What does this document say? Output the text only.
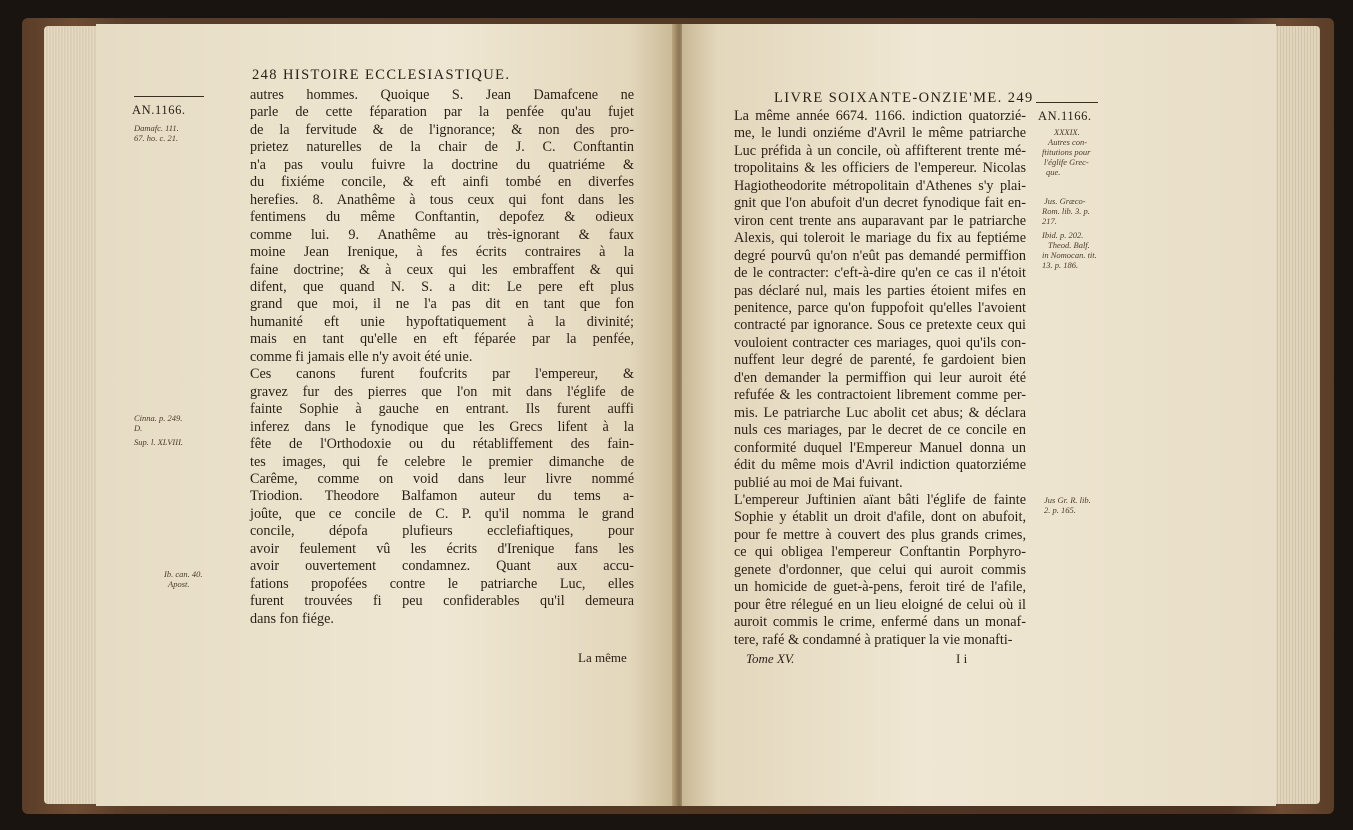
248 HISTOIRE ECCLESIASTIQUE.
AN.1166.
Damafc. 111.
67. ho. c. 21.
Cinna. p. 249.
D.
Sup. l. XLVIII.
Ib. can. 40.
Apost.
autres hommes. Quoique S. Jean Damafcene ne
parle de cette féparation par la penfée qu'au fujet
de la fervitude & de l'ignorance; & non des pro-
prietez naturelles de la chair de J. C. Conftantin
n'a pas voulu fuivre la doctrine du quatriéme &
du fixiéme concile, & eft ainfi tombé en diverfes
herefies. 8. Anathême à tous ceux qui font dans les
fentimens du même Conftantin, depofez & odieux
comme lui. 9. Anathême au très-ignorant & faux
moine Jean Irenique, à fes écrits contraires à la
faine doctrine; & à ceux qui les embraffent & qui
difent, que quand N. S. a dit: Le pere eft plus
grand que moi, il ne l'a pas dit en tant que fon
humanité eft unie hypoftatiquement à la divinité;
mais en tant qu'elle en eft féparée par la penfée,
comme fi jamais elle n'y avoit été unie.
Ces canons furent foufcrits par l'empereur, &
gravez fur des pierres que l'on mit dans l'églife de
fainte Sophie à gauche en entrant. Ils furent auffi
inferez dans le fynodique que les Grecs lifent à la
fête de l'Orthodoxie ou du rétabliffement des fain-
tes images, qui fe celebre le premier dimanche de
Carême, comme on void dans leur livre nommé
Triodion. Theodore Balfamon auteur du tems a-
joûte, que ce concile de C. P. qu'il nomma le grand
concile, dépofa plufieurs ecclefiaftiques, pour
avoir feulement vû les écrits d'Irenique fans les
avoir ouvertement condamnez. Quant aux accu-
fations propofées contre le patriarche Luc, elles
furent trouvées fi peu confiderables qu'il demeura
dans fon fiége.
La même
LIVRE SOIXANTE-ONZIE'ME. 249
AN.1166.
XXXIX.
Autres con-
ftitutions pour
l'églife Grec-
que.
Jus. Græco-
Rom. lib. 3. p.
217.
Ibid. p. 202.
Theod. Balf.
in Nomocan. tit.
13. p. 186.
Jus Gr. R. lib.
2. p. 165.
La même année 6674. 1166. indiction quatorzié-
me, le lundi onziéme d'Avril le même patriarche
Luc préfida à un concile, où affifterent trente mé-
tropolitains & les officiers de l'empereur. Nicolas
Hagiotheodorite métropolitain d'Athenes s'y plai-
gnit que l'on abufoit d'un decret fynodique fait en-
viron cent trente ans auparavant par le patriarche
Alexis, qui toleroit le mariage du fix au feptiéme
degré pourvû qu'on n'eût pas demandé permiffion
de le contracter: c'eft-à-dire qu'en ce cas il n'étoit
pas déclaré nul, mais les parties étoient mifes en
penitence, parce qu'on fuppofoit qu'elles l'avoient
contracté par ignorance. Sous ce pretexte ceux qui
vouloient contracter ces mariages, quoi qu'ils con-
nuffent leur degré de parenté, fe gardoient bien
d'en demander la permiffion qui leur auroit été
refufée & les contractoient librement comme per-
mis. Le patriarche Luc abolit cet abus; & déclara
nuls ces mariages, par le decret de ce concile en
conformité duquel l'Empereur Manuel donna un
édit du même mois d'Avril indiction quatorziéme
publié au moi de Mai fuivant.
L'empereur Juftinien aïant bâti l'églife de fainte
Sophie y établit un droit d'afile, dont on abufoit,
pour fe mettre à couvert des plus grands crimes,
ce qui obligea l'empereur Conftantin Porphyro-
genete d'ordonner, que celui qui auroit commis
un homicide de guet-à-pens, feroit tiré de l'afile,
pour être rélegué en un lieu eloigné de celui où il
auroit commis le crime, enfermé dans un monaf-
tere, rafé & condamné à pratiquer la vie monafti-
Tome XV.	I i
